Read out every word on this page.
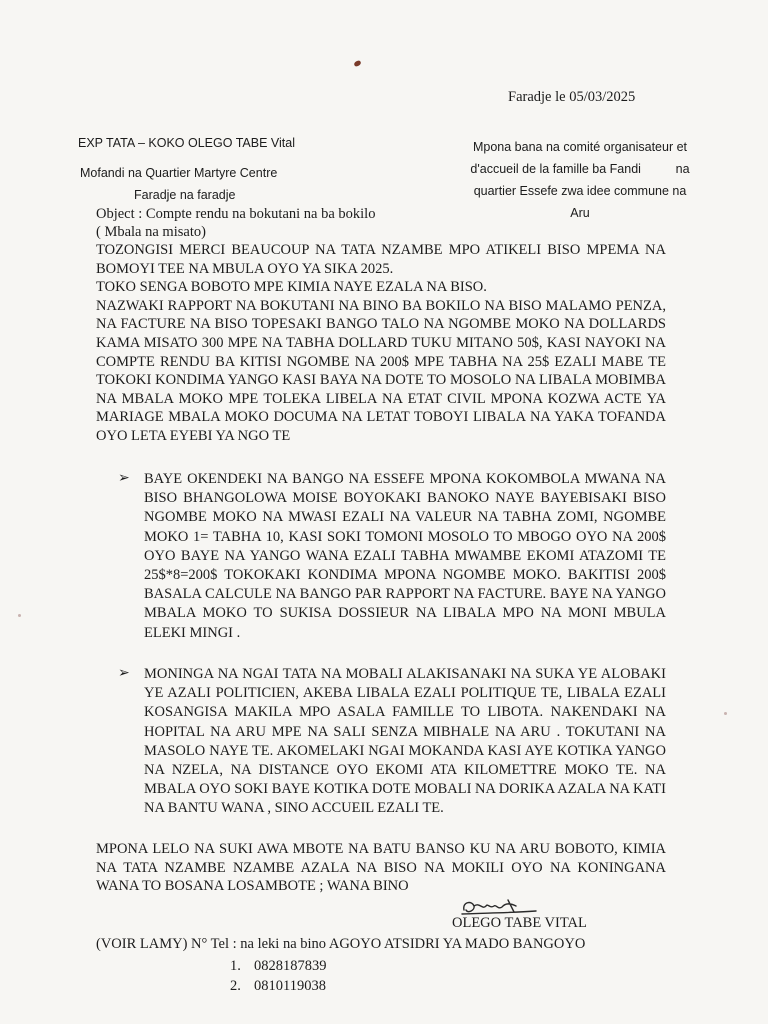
Faradje le 05/03/2025
EXP TATA – KOKO OLEGO TABE Vital
Mofandi na Quartier Martyre Centre
Faradje na faradje
Mpona bana na comité organisateur et
d'accueil de la famille ba Fandi          na
quartier Essefe zwa idee commune na
Aru
Object : Compte rendu na bokutani na ba bokilo
( Mbala na misato)
TOZONGISI MERCI BEAUCOUP NA TATA NZAMBE MPO ATIKELI BISO MPEMA NA BOMOYI TEE NA MBULA OYO YA SIKA 2025.
TOKO SENGA BOBOTO MPE KIMIA NAYE EZALA NA BISO.
NAZWAKI RAPPORT NA BOKUTANI NA BINO BA BOKILO NA BISO MALAMO PENZA, NA FACTURE NA BISO TOPESAKI BANGO TALO NA NGOMBE MOKO NA DOLLARDS KAMA MISATO 300 MPE NA TABHA DOLLARD TUKU MITANO 50$, KASI NAYOKI NA COMPTE RENDU BA KITISI NGOMBE NA 200$ MPE TABHA NA 25$ EZALI MABE TE TOKOKI KONDIMA YANGO KASI BAYA NA DOTE TO MOSOLO NA LIBALA MOBIMBA NA MBALA MOKO MPE TOLEKA LIBELA NA ETAT CIVIL MPONA KOZWA ACTE YA MARIAGE MBALA MOKO DOCUMA NA LETAT TOBOYI LIBALA NA YAKA TOFANDA OYO LETA EYEBI YA NGO TE
➢ BAYE OKENDEKI NA BANGO NA ESSEFE MPONA KOKOMBOLA MWANA NA BISO BHANGOLOWA MOISE BOYOKAKI BANOKO NAYE BAYEBISAKI BISO NGOMBE MOKO NA MWASI EZALI NA VALEUR NA TABHA ZOMI, NGOMBE MOKO 1= TABHA 10, KASI SOKI TOMONI MOSOLO TO MBOGO OYO NA 200$ OYO BAYE NA YANGO WANA EZALI TABHA MWAMBE EKOMI ATAZOMI TE 25$*8=200$ TOKOKAKI KONDIMA MPONA NGOMBE MOKO. BAKITISI 200$ BASALA CALCULE NA BANGO PAR RAPPORT NA FACTURE. BAYE NA YANGO MBALA MOKO TO SUKISA DOSSIEUR NA LIBALA MPO NA MONI MBULA ELEKI MINGI .
➢ MONINGA NA NGAI TATA NA MOBALI ALAKISANAKI NA SUKA YE ALOBAKI YE AZALI POLITICIEN, AKEBA LIBALA EZALI POLITIQUE TE, LIBALA EZALI KOSANGISA MAKILA MPO ASALA FAMILLE TO LIBOTA. NAKENDAKI NA HOPITAL NA ARU MPE NA SALI SENZA MIBHALE NA ARU . TOKUTANI NA MASOLO NAYE TE. AKOMELAKI NGAI MOKANDA KASI AYE KOTIKA YANGO NA NZELA, NA DISTANCE OYO EKOMI ATA KILOMETTRE MOKO TE. NA MBALA OYO SOKI BAYE KOTIKA DOTE MOBALI NA DORIKA AZALA NA KATI NA BANTU WANA , SINO ACCUEIL EZALI TE.
MPONA LELO NA SUKI AWA MBOTE NA BATU BANSO KU NA ARU BOBOTO, KIMIA NA TATA NZAMBE NZAMBE AZALA NA BISO NA MOKILI OYO NA KONINGANA WANA TO BOSANA LOSAMBOTE ; WANA BINO
OLEGO TABE VITAL
(VOIR LAMY) N° Tel : na leki na bino AGOYO ATSIDRI YA MADO BANGOYO
1. 0828187839
2. 0810119038
